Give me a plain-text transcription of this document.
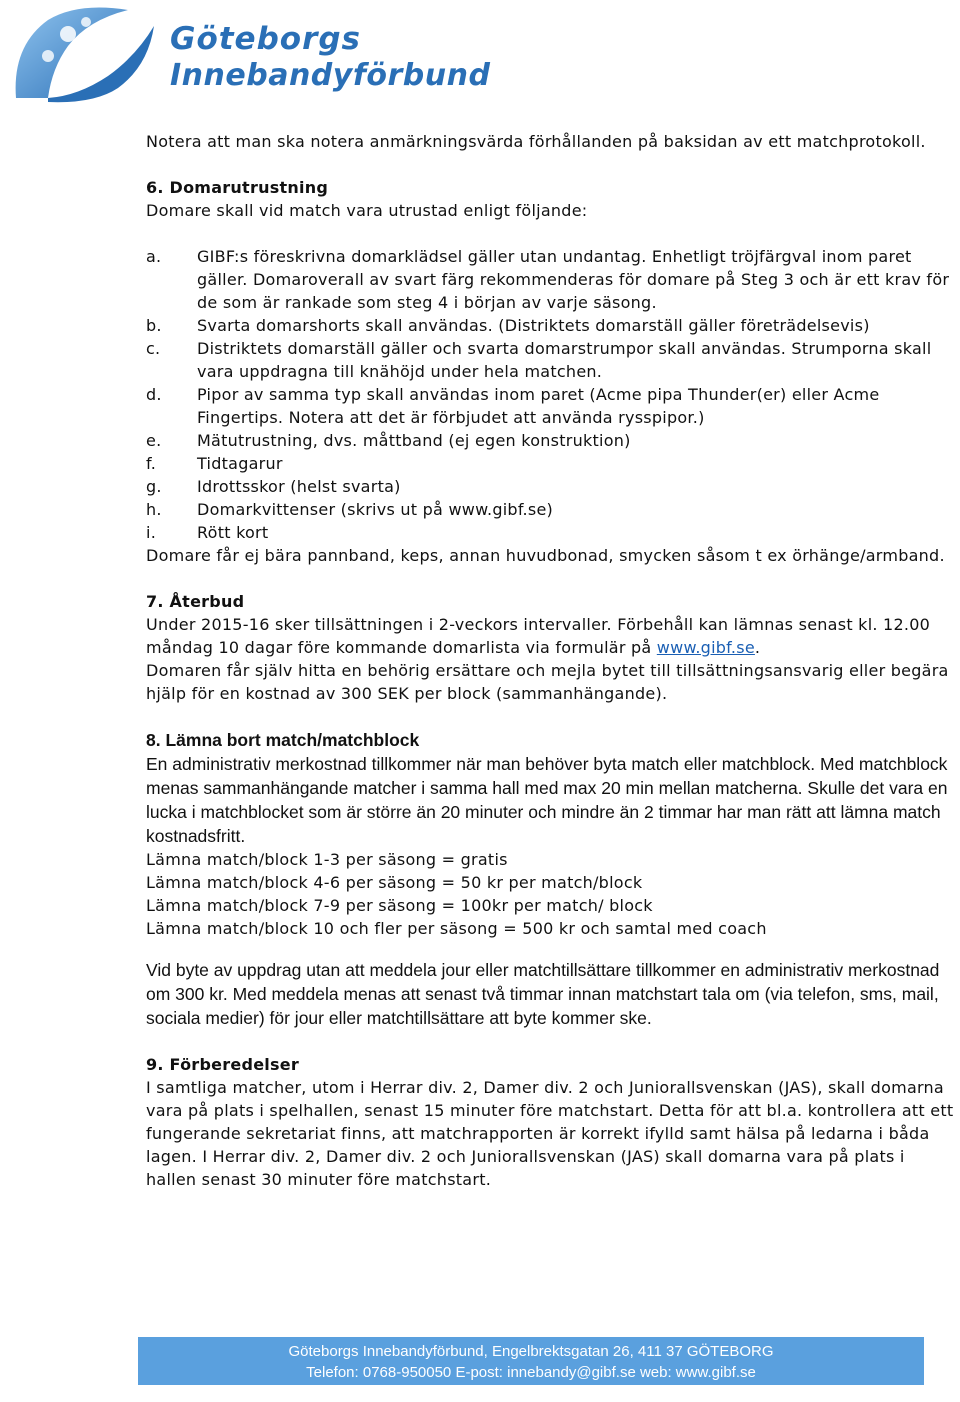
Göteborgs
Innebandyförbund

Notera att man ska notera anmärkningsvärda förhållanden på baksidan av ett matchprotokoll.

6. Domarutrustning

Domare skall vid match vara utrustad enligt följande:

a.	GIBF:s föreskrivna domarklädsel gäller utan undantag. Enhetligt tröjfärgval inom paret gäller. Domaroverall av svart färg rekommenderas för domare på Steg 3 och är ett krav för de som är rankade som steg 4 i början av varje säsong.
b.	Svarta domarshorts skall användas. (Distriktets domarställ gäller företrädelsevis)
c.	Distriktets domarställ gäller och svarta domarstrumpor skall användas. Strumporna skall vara uppdragna till knähöjd under hela matchen.
d.	Pipor av samma typ skall användas inom paret (Acme pipa Thunder(er) eller Acme Fingertips. Notera att det är förbjudet att använda rysspipor.)
e.	Mätutrustning, dvs. måttband (ej egen konstruktion)
f.	Tidtagarur
g.	Idrottsskor (helst svarta)
h.	Domarkvittenser (skrivs ut på www.gibf.se)
i.	Rött kort

Domare får ej bära pannband, keps, annan huvudbonad, smycken såsom t ex örhänge/armband.

7. Återbud

Under 2015-16 sker tillsättningen i 2-veckors intervaller. Förbehåll kan lämnas senast kl. 12.00 måndag 10 dagar före kommande domarlista via formulär på www.gibf.se.

Domaren får själv hitta en behörig ersättare och mejla bytet till tillsättningsansvarig eller begära hjälp för en kostnad av 300 SEK per block (sammanhängande).

8. Lämna bort match/matchblock

En administrativ merkostnad tillkommer när man behöver byta match eller matchblock. Med matchblock menas sammanhängande matcher i samma hall med max 20 min mellan matcherna. Skulle det vara en lucka i matchblocket som är större än 20 minuter och mindre än 2 timmar har man rätt att lämna match kostnadsfritt.

Lämna match/block 1-3 per säsong = gratis

Lämna match/block 4-6 per säsong = 50 kr per match/block

Lämna match/block 7-9 per säsong = 100kr per match/ block

Lämna match/block 10 och fler per säsong = 500 kr och samtal med coach

Vid byte av uppdrag utan att meddela jour eller matchtillsättare tillkommer en administrativ merkostnad om 300 kr. Med meddela menas att senast två timmar innan matchstart tala om (via telefon, sms, mail, sociala medier) för jour eller matchtillsättare att byte kommer ske.

9. Förberedelser

I samtliga matcher, utom i Herrar div. 2, Damer div. 2 och Juniorallsvenskan (JAS), skall domarna vara på plats i spelhallen, senast 15 minuter före matchstart. Detta för att bl.a. kontrollera att ett fungerande sekretariat finns, att matchrapporten är korrekt ifylld samt hälsa på ledarna i båda lagen. I Herrar div. 2, Damer div. 2 och Juniorallsvenskan (JAS) skall domarna vara på plats i hallen senast 30 minuter före matchstart.

Göteborgs Innebandyförbund, Engelbrektsgatan 26, 411 37 GÖTEBORG
Telefon: 0768-950050 E-post: innebandy@gibf.se web: www.gibf.se
